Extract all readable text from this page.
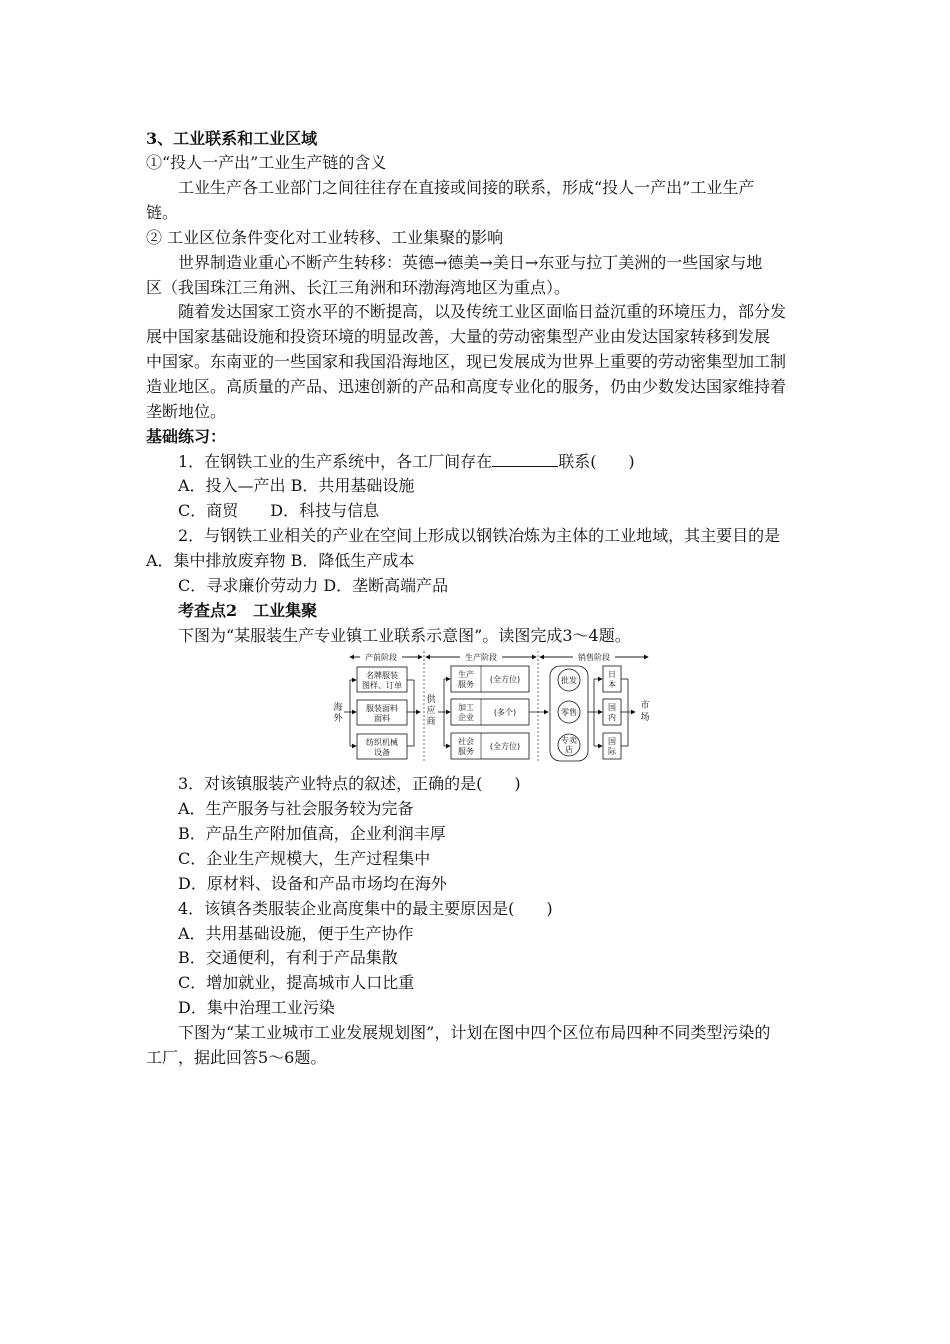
3、工业联系和工业区域
①“投人一产出”工业生产链的含义
工业生产各工业部门之间往往存在直接或间接的联系，形成“投人一产出”工业生产
链。
② 工业区位条件变化对工业转移、工业集聚的影响
世界制造业重心不断产生转移：英德→德美→美日→东亚与拉丁美洲的一些国家与地
区（我国珠江三角洲、长江三角洲和环渤海湾地区为重点）。
随着发达国家工资水平的不断提高，以及传统工业区面临日益沉重的环境压力，部分发
展中国家基础设施和投资环境的明显改善，大量的劳动密集型产业由发达国家转移到发展
中国家。东南亚的一些国家和我国沿海地区，现已发展成为世界上重要的劳动密集型加工制
造业地区。高质量的产品、迅速创新的产品和高度专业化的服务，仍由少数发达国家维持着
垄断地位。
基础练习：
1．在钢铁工业的生产系统中，各工厂间存在	联系(　　)
A．投入—产出 B．共用基础设施
C．商贸　　D．科技与信息
2．与钢铁工业相关的产业在空间上形成以钢铁冶炼为主体的工业地域，其主要目的是
A．集中排放废弃物 B．降低生产成本
C．寻求廉价劳动力 D．垄断高端产品
考查点2　工业集聚
下图为“某服装生产专业镇工业联系示意图”。读图完成3～4题。
产前阶段	生产阶段	销售阶段
海
外
名牌服装
图样、订单
服装面料
面料
纺织机械
设备
供
应
商
生产
服务
(全方位)
加工
企业
(多个)
社会
服务
(全方位)
批发
零售
专卖
店
日
本
国
内
国
际
市
场
3．对该镇服装产业特点的叙述，正确的是(　　)
A．生产服务与社会服务较为完备
B．产品生产附加值高，企业利润丰厚
C．企业生产规模大，生产过程集中
D．原材料、设备和产品市场均在海外
4．该镇各类服装企业高度集中的最主要原因是(　　)
A．共用基础设施，便于生产协作
B．交通便利，有利于产品集散
C．增加就业，提高城市人口比重
D．集中治理工业污染
下图为“某工业城市工业发展规划图”，计划在图中四个区位布局四种不同类型污染的
工厂，据此回答5～6题。
